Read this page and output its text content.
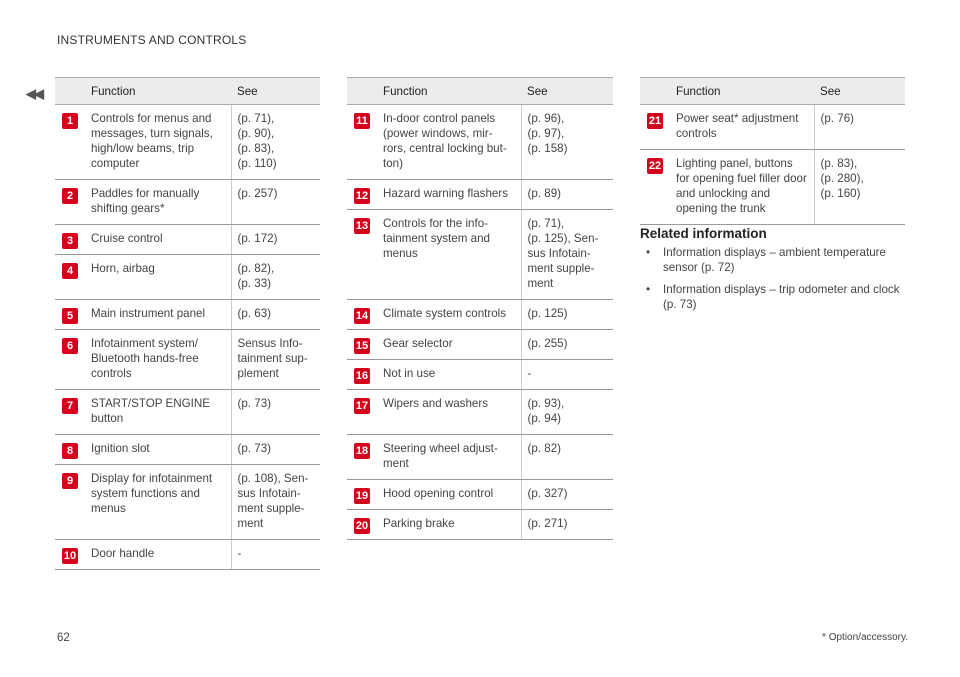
INSTRUMENTS AND CONTROLS
◀◀
		Function	See
1	Controls for menus and messages, turn signals, high/low beams, trip computer	(p. 71),
(p. 90),
(p. 83),
(p. 110)
2	Paddles for manually shifting gears*	(p. 257)
3	Cruise control	(p. 172)
4	Horn, airbag	(p. 82),
(p. 33)
5	Main instrument panel	(p. 63)
6	Infotainment system/ Bluetooth hands-free controls	Sensus Info-
tainment sup-
plement
7	START/STOP ENGINE button	(p. 73)
8	Ignition slot	(p. 73)
9	Display for infotainment system functions and menus	(p. 108), Sen-
sus Infotain-
ment supple-
ment
10	Door handle	-
	Function	See
11	In-door control panels
(power windows, mir-
rors, central locking but-
ton)	(p. 96),
(p. 97),
(p. 158)
12	Hazard warning flashers	(p. 89)
13	Controls for the info-
tainment system and
menus	(p. 71),
(p. 125), Sen-
sus Infotain-
ment supple-
ment
14	Climate system controls	(p. 125)
15	Gear selector	(p. 255)
16	Not in use	-
17	Wipers and washers	(p. 93),
(p. 94)
18	Steering wheel adjust-
ment	(p. 82)
19	Hood opening control	(p. 327)
20	Parking brake	(p. 271)
	Function	See
21	Power seat* adjustment controls	(p. 76)
22	Lighting panel, buttons for opening fuel filler door and unlocking and opening the trunk	(p. 83),
(p. 280),
(p. 160)
Related information
• Information displays – ambient temperature sensor (p. 72)
• Information displays – trip odometer and clock (p. 73)
62	* Option/accessory.
